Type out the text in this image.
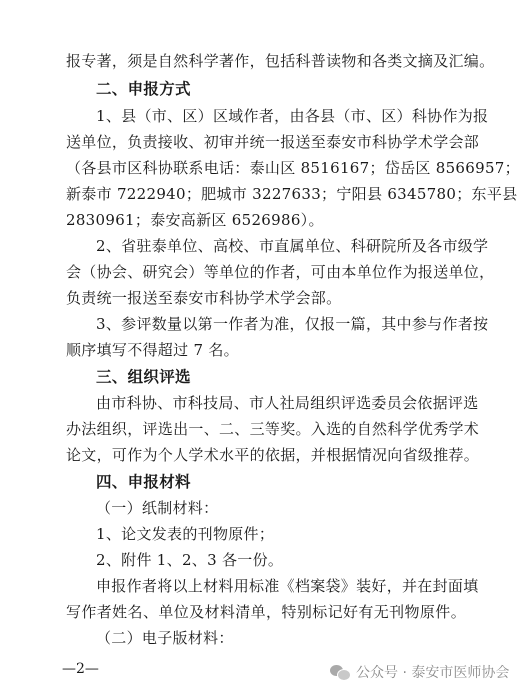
报专著，须是自然科学著作，包括科普读物和各类文摘及汇编。
二、申报方式
1、县（市、区）区域作者，由各县（市、区）科协作为报
送单位，负责接收、初审并统一报送至泰安市科协学术学会部
（各县市区科协联系电话：泰山区 8516167；岱岳区 8566957；
新泰市 7222940；肥城市 3227633；宁阳县 6345780；东平县
2830961；泰安高新区 6526986）。
2、省驻泰单位、高校、市直属单位、科研院所及各市级学
会（协会、研究会）等单位的作者，可由本单位作为报送单位，
负责统一报送至泰安市科协学术学会部。
3、参评数量以第一作者为准，仅报一篇，其中参与作者按
顺序填写不得超过 7 名。
三、组织评选
由市科协、市科技局、市人社局组织评选委员会依据评选
办法组织，评选出一、二、三等奖。入选的自然科学优秀学术
论文，可作为个人学术水平的依据，并根据情况向省级推荐。
四、申报材料
（一）纸制材料：
1、论文发表的刊物原件；
2、附件 1、2、3 各一份。
申报作者将以上材料用标准《档案袋》装好，并在封面填
写作者姓名、单位及材料清单，特别标记好有无刊物原件。
（二）电子版材料：
—2—	公众号 · 泰安市医师协会
